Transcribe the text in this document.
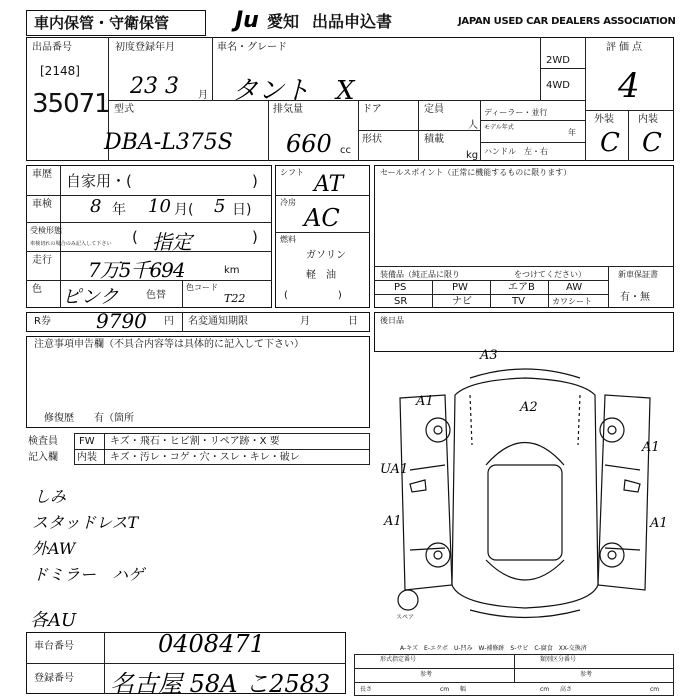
車内保管・守衛保管	Ju 愛知 出品申込書	JAPAN USED CAR DEALERS ASSOCIATION
出品番号
[2148]
35071
初度登録年月
23 3 月
車名・グレード
タント　X
2WD
4WD
評価点
4
外装 内装
C C
型式
DBA-L375S
排気量
660 cc
ドア
形状
定員
人
積載
kg
ディーラー・並行
モデル年式
年
ハンドル　左・右
車歴 自家用・(	)
車検 8 年 10 月( 5 日)
受検形態
車検切れの場合のみ記入して下さい ( 指定	)
走行 7万5千694	km
色 ピンク	色替
色コード
T22
シフト AT
冷房
AC
燃料
ガソリン
軽　油
(　　　　　)
セールスポイント（正常に機能するものに限ります）
装備品（純正品に限り	をつけてください）
PS	PW	エアB	AW
SR	ナビ	TV	カワシート
新車保証書
有・無
R券 9790 円 名変通知期限	月	日
注意事項申告欄（不具合内容等は具体的に記入して下さい）
修復歴　　有（箇所
後日品
検査員
記入欄
FW キズ・飛石・ヒビ割・リペア跡・X 要
内装 キズ・汚レ・コゲ・穴・スレ・キレ・破レ
しみ
スタッドレスT
外AW
ドミラー　ハゲ
各AU
車台番号	0408471
登録番号 名古屋 58A こ2583
A-キズ　E-エクボ　U-凹み　W-補修跡　S-サビ　C-腐食　XX-交換済
形式指定番号	類別区分番号
参考	参考
長さ	幅	高さ
cm	cm	cm
A3
A2
A1
A1
UA1
A1	A1
スペア
